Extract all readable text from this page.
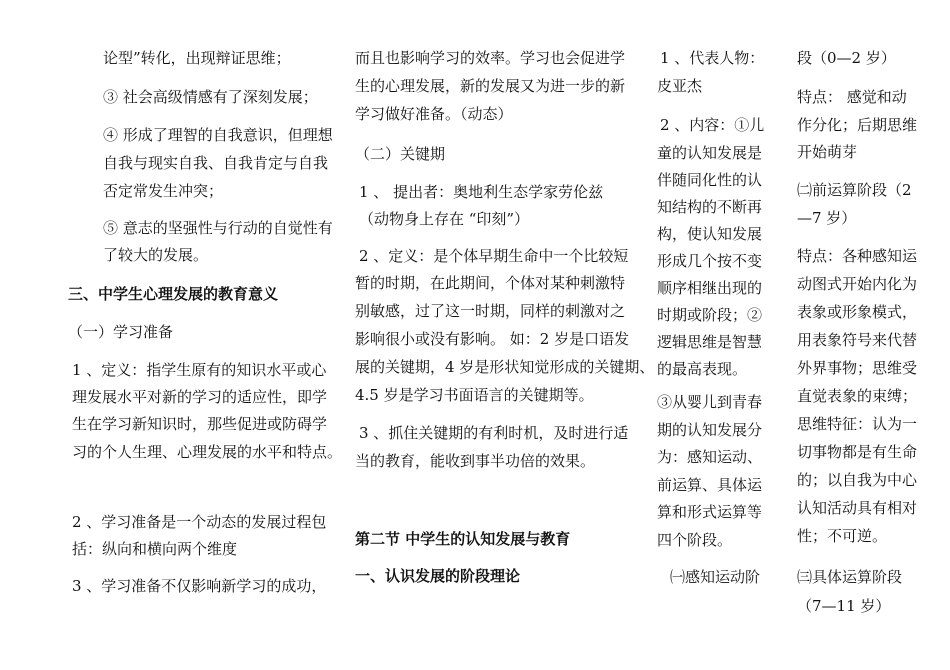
论型”转化，出现辩证思维；
③ 社会高级情感有了深刻发展；
④ 形成了理智的自我意识，但理想
自我与现实自我、自我肯定与自我
否定常发生冲突；
⑤ 意志的坚强性与行动的自觉性有
了较大的发展。
三、中学生心理发展的教育意义
（一）学习准备
1 、定义：指学生原有的知识水平或心
理发展水平对新的学习的适应性，即学
生在学习新知识时，那些促进或防碍学
习的个人生理、心理发展的水平和特点。
2 、学习准备是一个动态的发展过程包
括：纵向和横向两个维度
3 、学习准备不仅影响新学习的成功，
而且也影响学习的效率。学习也会促进学
生的心理发展，新的发展又为进一步的新
学习做好准备。（动态）
（二）关键期
1 、 提出者：奥地利生态学家劳伦兹
（动物身上存在 “印刻”）
2 、定义：是个体早期生命中一个比较短
暂的时期，在此期间，个体对某种刺激特
别敏感，过了这一时期，同样的刺激对之
影响很小或没有影响。 如：2 岁是口语发
展的关键期，4 岁是形状知觉形成的关键期、
4.5 岁是学习书面语言的关键期等。
3 、抓住关键期的有利时机，及时进行适
当的教育，能收到事半功倍的效果。
第二节 中学生的认知发展与教育
一、认识发展的阶段理论
1 、代表人物：
皮亚杰
2 、内容：①儿
童的认知发展是
伴随同化性的认
知结构的不断再
构，使认知发展
形成几个按不变
顺序相继出现的
时期或阶段；②
逻辑思维是智慧
的最高表现。
③从婴儿到青春
期的认知发展分
为：感知运动、
前运算、具体运
算和形式运算等
四个阶段。
㈠感知运动阶
段（0—2 岁）
特点： 感觉和动
作分化；后期思维
开始萌芽
㈡前运算阶段（2
—7 岁）
特点：各种感知运
动图式开始内化为
表象或形象模式，
用表象符号来代替
外界事物；思维受
直觉表象的束缚；
思维特征：认为一
切事物都是有生命
的；以自我为中心
认知活动具有相对
性；不可逆。
㈢具体运算阶段
（7—11 岁）
